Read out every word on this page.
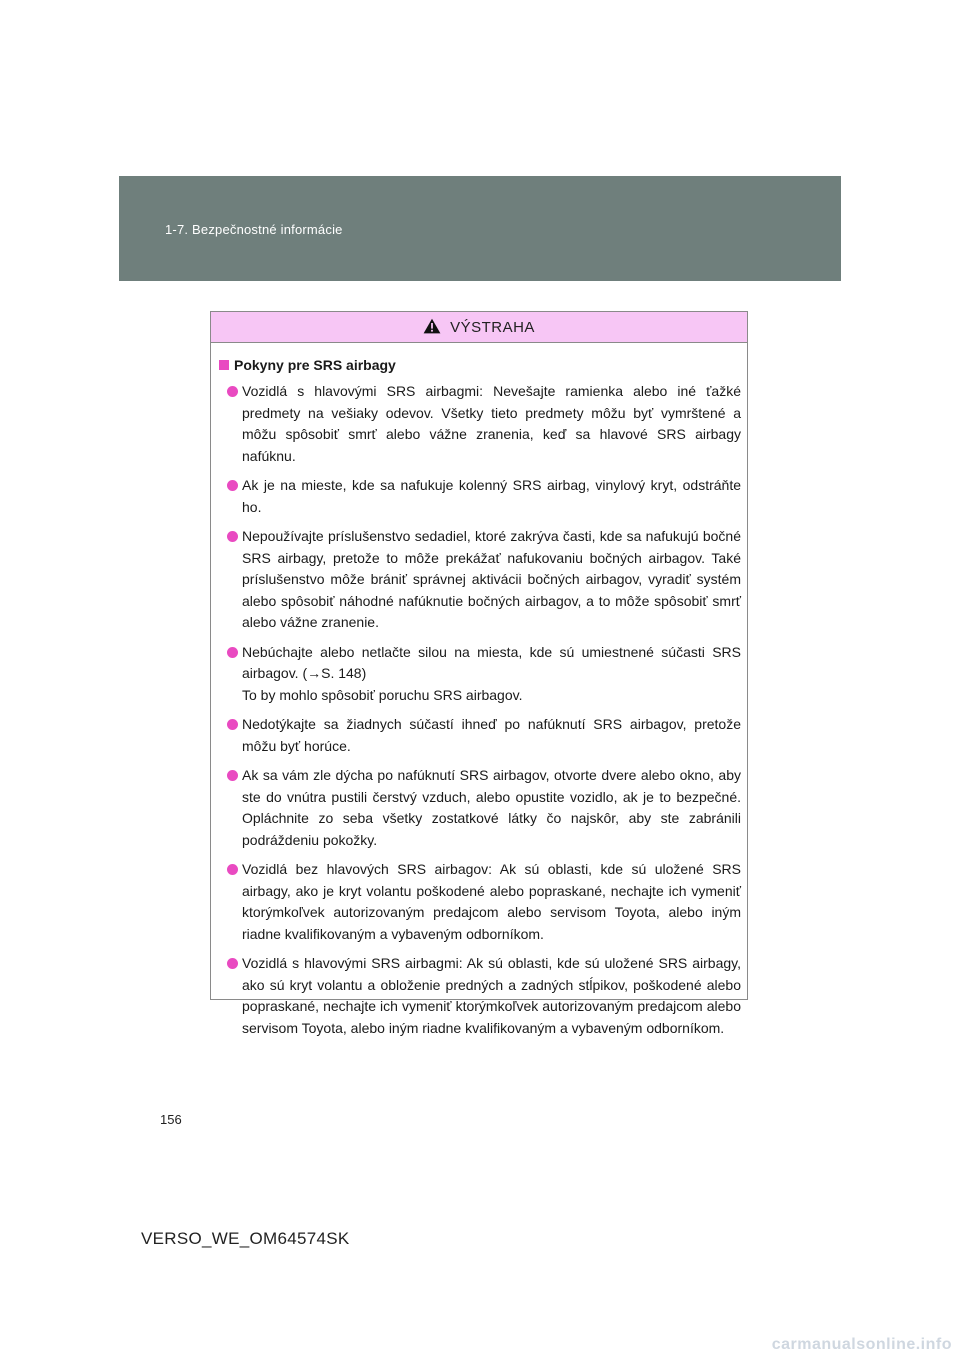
1-7. Bezpečnostné informácie
VÝSTRAHA
Pokyny pre SRS airbagy
Vozidlá s hlavovými SRS airbagmi: Nevešajte ramienka alebo iné ťažké predmety na vešiaky odevov. Všetky tieto predmety môžu byť vymrštené a môžu spôsobiť smrť alebo vážne zranenia, keď sa hlavové SRS airbagy nafúknu.
Ak je na mieste, kde sa nafukuje kolenný SRS airbag, vinylový kryt, odstráňte ho.
Nepoužívajte príslušenstvo sedadiel, ktoré zakrýva časti, kde sa nafukujú bočné SRS airbagy, pretože to môže prekážať nafukovaniu bočných airbagov. Také príslušenstvo môže brániť správnej aktivácii bočných airbagov, vyradiť systém alebo spôsobiť náhodné nafúknutie bočných airbagov, a to môže spôsobiť smrť alebo vážne zranenie.
Nebúchajte alebo netlačte silou na miesta, kde sú umiestnené súčasti SRS airbagov. (→S. 148)
To by mohlo spôsobiť poruchu SRS airbagov.
Nedotýkajte sa žiadnych súčastí ihneď po nafúknutí SRS airbagov, pretože môžu byť horúce.
Ak sa vám zle dýcha po nafúknutí SRS airbagov, otvorte dvere alebo okno, aby ste do vnútra pustili čerstvý vzduch, alebo opustite vozidlo, ak je to bezpečné. Opláchnite zo seba všetky zostatkové látky čo najskôr, aby ste zabránili podráždeniu pokožky.
Vozidlá bez hlavových SRS airbagov: Ak sú oblasti, kde sú uložené SRS airbagy, ako je kryt volantu poškodené alebo popraskané, nechajte ich vymeniť ktorýmkoľvek autorizovaným predajcom alebo servisom Toyota, alebo iným riadne kvalifikovaným a vybaveným odborníkom.
Vozidlá s hlavovými SRS airbagmi: Ak sú oblasti, kde sú uložené SRS airbagy, ako sú kryt volantu a obloženie predných a zadných stĺpikov, poškodené alebo popraskané, nechajte ich vymeniť ktorýmkoľvek autorizovaným predajcom alebo servisom Toyota, alebo iným riadne kvalifikovaným a vybaveným odborníkom.
156
VERSO_WE_OM64574SK
carmanualsonline.info
